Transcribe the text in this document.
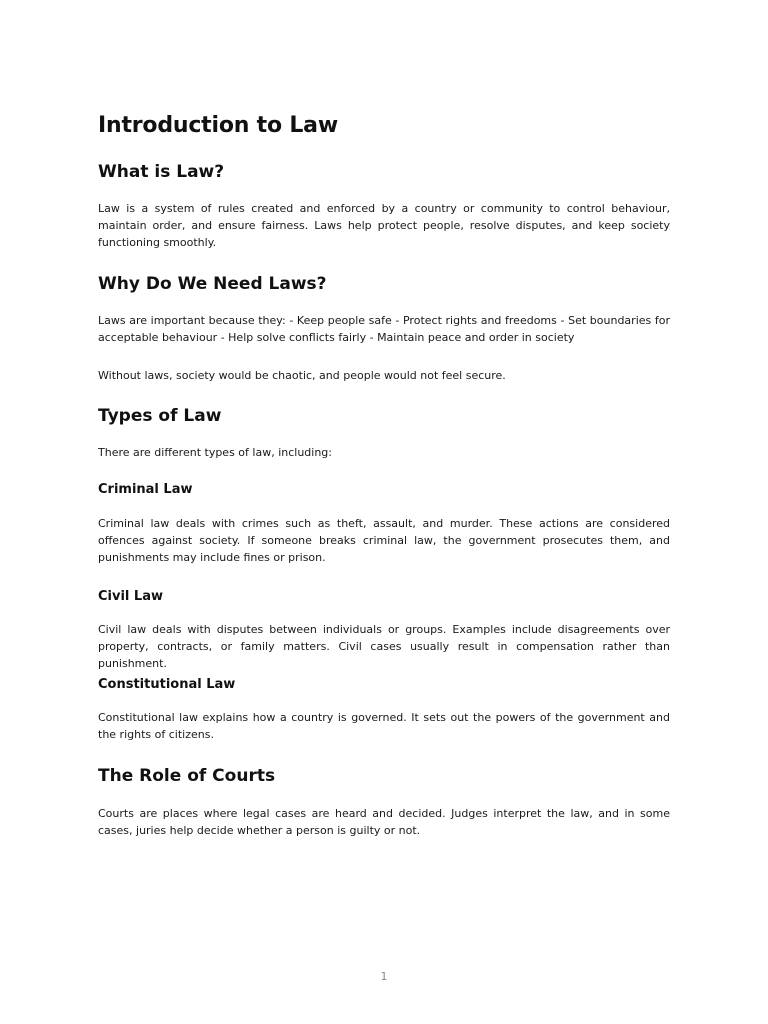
Introduction to Law
What is Law?

Law is a system of rules created and enforced by a country or community to control behaviour, maintain order, and ensure fairness. Laws help protect people, resolve disputes, and keep society functioning smoothly.

Why Do We Need Laws?

Laws are important because they: - Keep people safe - Protect rights and freedoms - Set boundaries for acceptable behaviour - Help solve conflicts fairly - Maintain peace and order in society

Without laws, society would be chaotic, and people would not feel secure.

Types of Law

There are different types of law, including:

Criminal Law

Criminal law deals with crimes such as theft, assault, and murder. These actions are considered offences against society. If someone breaks criminal law, the government prosecutes them, and punishments may include fines or prison.

Civil Law

Civil law deals with disputes between individuals or groups. Examples include disagreements over property, contracts, or family matters. Civil cases usually result in compensation rather than punishment.

Constitutional Law

Constitutional law explains how a country is governed. It sets out the powers of the government and the rights of citizens.

The Role of Courts

Courts are places where legal cases are heard and decided. Judges interpret the law, and in some cases, juries help decide whether a person is guilty or not.

1
